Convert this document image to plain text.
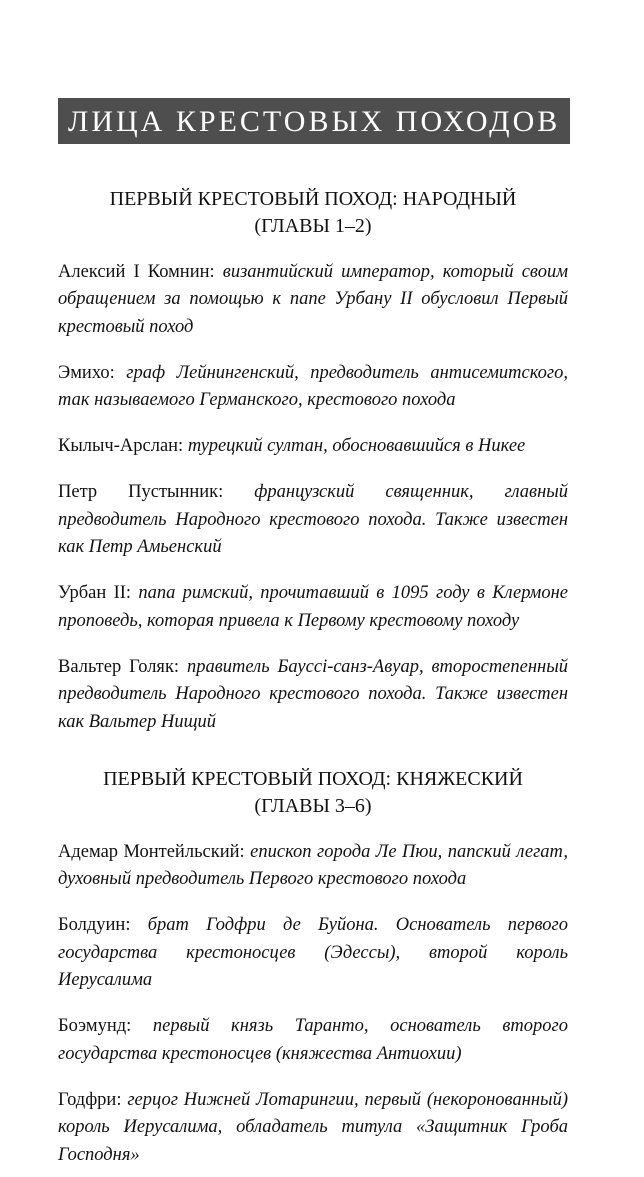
ЛИЦА КРЕСТОВЫХ ПОХОДОВ
ПЕРВЫЙ КРЕСТОВЫЙ ПОХОД: НАРОДНЫЙ
(ГЛАВЫ 1–2)

Алексий I Комнин: византийский император, который своим обращением за помощью к папе Урбану II обусловил Первый крестовый поход

Эмихо: граф Лейнингенский, предводитель антисемитского, так называемого Германского, крестового похода

Кылыч-Арслан: турецкий султан, обосновавшийся в Никее

Петр Пустынник: французский священник, главный предводитель Народного крестового похода. Также известен как Петр Амьенский

Урбан II: папа римский, прочитавший в 1095 году в Клермоне проповедь, которая привела к Первому крестовому походу

Вальтер Голяк: правитель Бауссi-санз-Авуар, второстепенный предводитель Народного крестового похода. Также известен как Вальтер Нищий

ПЕРВЫЙ КРЕСТОВЫЙ ПОХОД: КНЯЖЕСКИЙ
(ГЛАВЫ 3–6)

Адемар Монтейльский: епископ города Ле Пюи, папский легат, духовный предводитель Первого крестового похода

Болдуин: брат Годфри де Буйона. Основатель первого государства крестоносцев (Эдессы), второй король Иерусалима

Боэмунд: первый князь Таранто, основатель второго государства крестоносцев (княжества Антиохии)

Годфри: герцог Нижней Лотарингии, первый (некоронованный) король Иерусалима, обладатель титула «Защитник Гроба Господня»
